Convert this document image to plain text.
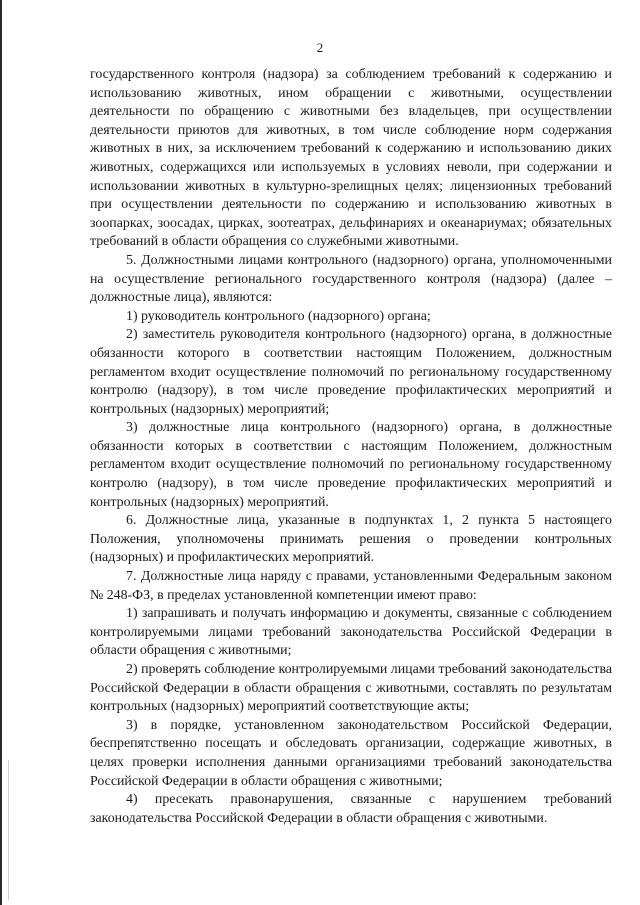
2

государственного контроля (надзора) за соблюдением требований к содержанию и использованию животных, ином обращении с животными, осуществлении деятельности по обращению с животными без владельцев, при осуществлении деятельности приютов для животных, в том числе соблюдение норм содержания животных в них, за исключением требований к содержанию и использованию диких животных, содержащихся или используемых в условиях неволи, при содержании и использовании животных в культурно-зрелищных целях; лицензионных требований при осуществлении деятельности по содержанию и использованию животных в зоопарках, зоосадах, цирках, зоотеатрах, дельфинариях и океанариумах; обязательных требований в области обращения со служебными животными.

5. Должностными лицами контрольного (надзорного) органа, уполномоченными на осуществление регионального государственного контроля (надзора) (далее – должностные лица), являются:

1) руководитель контрольного (надзорного) органа;

2) заместитель руководителя контрольного (надзорного) органа, в должностные обязанности которого в соответствии настоящим Положением, должностным регламентом входит осуществление полномочий по региональному государственному контролю (надзору), в том числе проведение профилактических мероприятий и контрольных (надзорных) мероприятий;

3) должностные лица контрольного (надзорного) органа, в должностные обязанности которых в соответствии с настоящим Положением, должностным регламентом входит осуществление полномочий по региональному государственному контролю (надзору), в том числе проведение профилактических мероприятий и контрольных (надзорных) мероприятий.

6. Должностные лица, указанные в подпунктах 1, 2 пункта 5 настоящего Положения, уполномочены принимать решения о проведении контрольных (надзорных) и профилактических мероприятий.

7. Должностные лица наряду с правами, установленными Федеральным законом № 248-ФЗ, в пределах установленной компетенции имеют право:

1) запрашивать и получать информацию и документы, связанные с соблюдением контролируемыми лицами требований законодательства Российской Федерации в области обращения с животными;

2) проверять соблюдение контролируемыми лицами требований законодательства Российской Федерации в области обращения с животными, составлять по результатам контрольных (надзорных) мероприятий соответствующие акты;

3) в порядке, установленном законодательством Российской Федерации, беспрепятственно посещать и обследовать организации, содержащие животных, в целях проверки исполнения данными организациями требований законодательства Российской Федерации в области обращения с животными;

4) пресекать правонарушения, связанные с нарушением требований законодательства Российской Федерации в области обращения с животными.
